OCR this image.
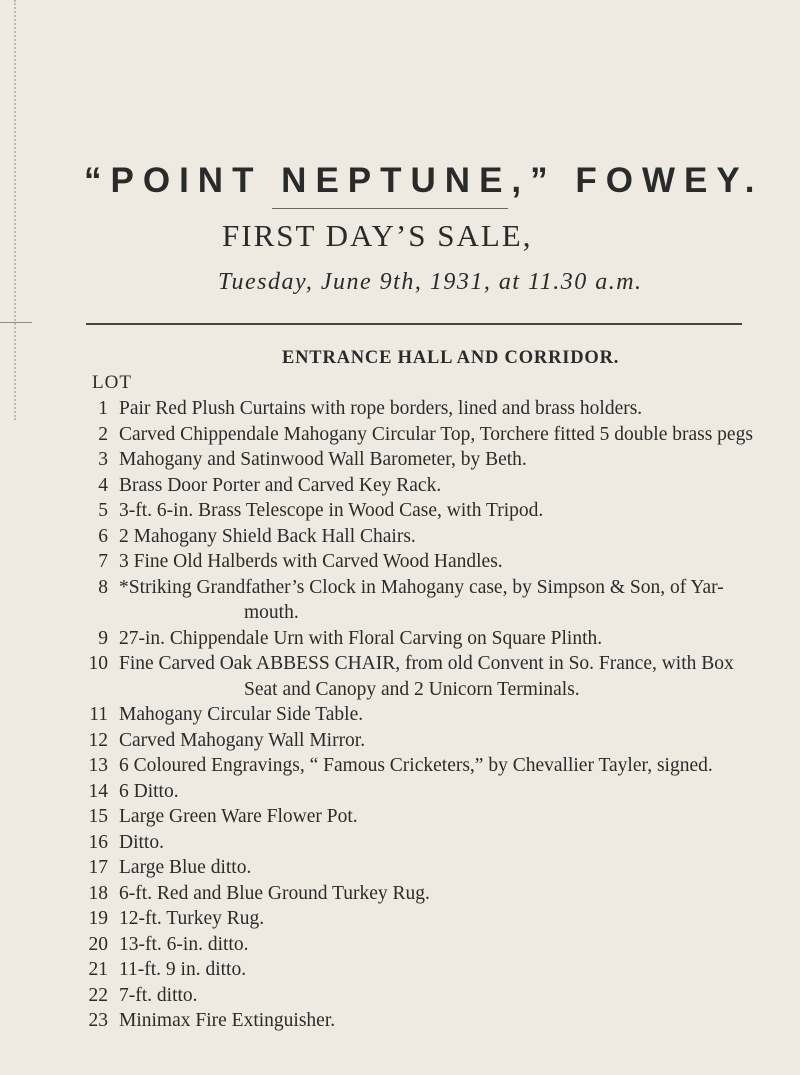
“POINT NEPTUNE,” FOWEY.
FIRST DAY’S SALE,
Tuesday, June 9th, 1931, at 11.30 a.m.
ENTRANCE HALL AND CORRIDOR.
LOT
1 Pair Red Plush Curtains with rope borders, lined and brass holders.
2 Carved Chippendale Mahogany Circular Top, Torchere fitted 5 double brass pegs
3 Mahogany and Satinwood Wall Barometer, by Beth.
4 Brass Door Porter and Carved Key Rack.
5 3-ft. 6-in. Brass Telescope in Wood Case, with Tripod.
6 2 Mahogany Shield Back Hall Chairs.
7 3 Fine Old Halberds with Carved Wood Handles.
8 *Striking Grandfather’s Clock in Mahogany case, by Simpson & Son, of Yar-
mouth.
9 27-in. Chippendale Urn with Floral Carving on Square Plinth.
10 Fine Carved Oak ABBESS CHAIR, from old Convent in So. France, with Box
Seat and Canopy and 2 Unicorn Terminals.
11 Mahogany Circular Side Table.
12 Carved Mahogany Wall Mirror.
13 6 Coloured Engravings, “ Famous Cricketers,” by Chevallier Tayler, signed.
14 6 Ditto.
15 Large Green Ware Flower Pot.
16 Ditto.
17 Large Blue ditto.
18 6-ft. Red and Blue Ground Turkey Rug.
19 12-ft. Turkey Rug.
20 13-ft. 6-in. ditto.
21 11-ft. 9 in. ditto.
22 7-ft. ditto.
23 Minimax Fire Extinguisher.
